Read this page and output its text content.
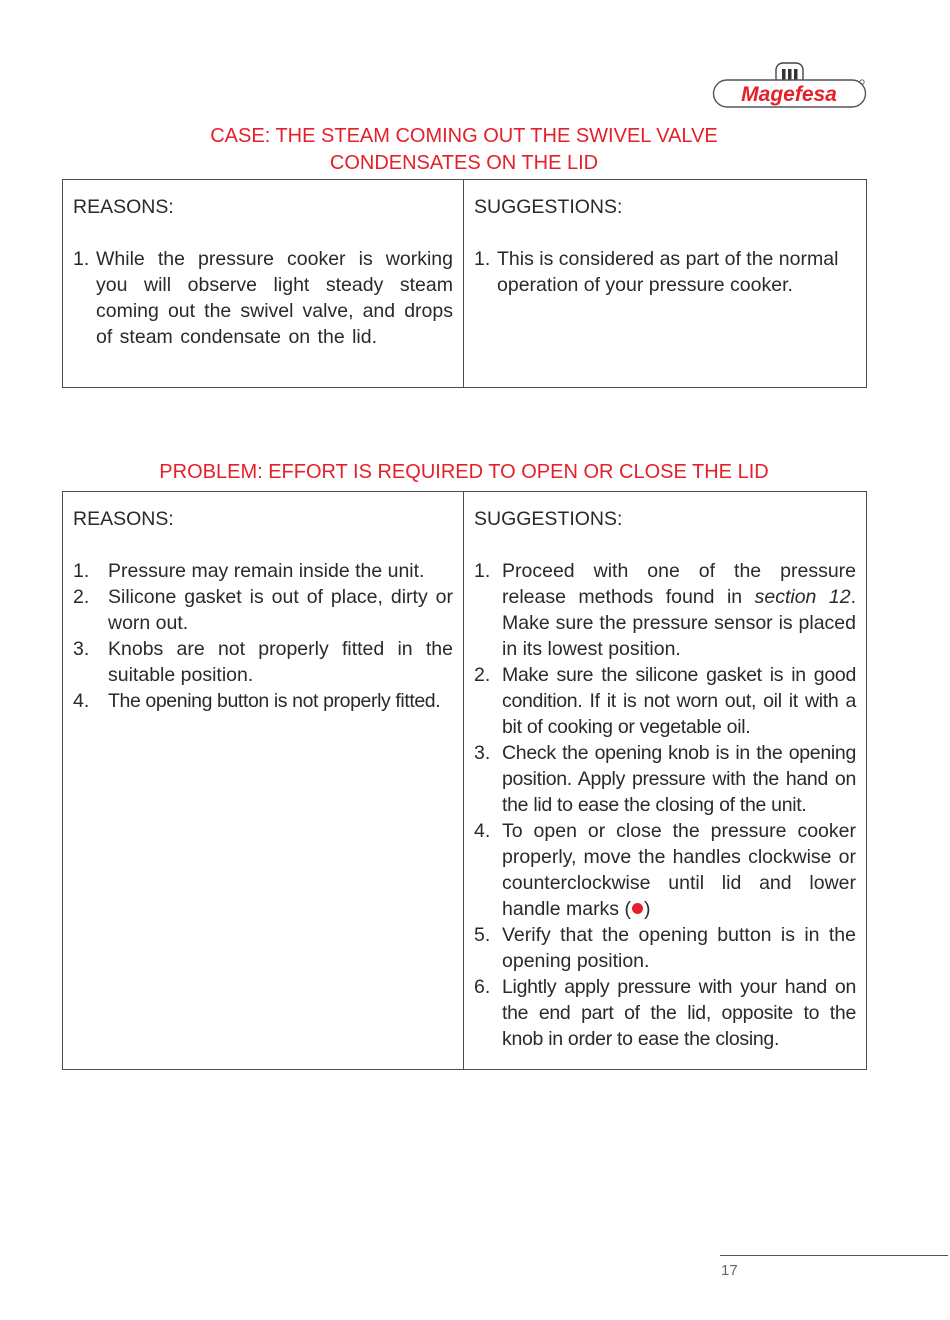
Magefesa
CASE: THE STEAM COMING OUT THE SWIVEL VALVE
CONDENSATES ON THE LID
REASONS:
1. While the pressure cooker is working you will observe light steady steam coming out the swivel valve, and drops of steam condensate on the lid.

SUGGESTIONS:
1. This is considered as part of the normal operation of your pressure cooker.
PROBLEM: EFFORT IS REQUIRED TO OPEN OR CLOSE THE LID
REASONS:
1. Pressure may remain inside the unit.
2. Silicone gasket is out of place, dirty or worn out.
3. Knobs are not properly fitted in the suitable position.
4. The opening button is not properly fitted.

SUGGESTIONS:
1. Proceed with one of the pressure release methods found in section 12. Make sure the pressure sensor is placed in its lowest position.
2. Make sure the silicone gasket is in good condition. If it is not worn out, oil it with a bit of cooking or vegetable oil.
3. Check the opening knob is in the opening position. Apply pressure with the hand on the lid to ease the closing of the unit.
4. To open or close the pressure cooker properly, move the handles clockwise or counterclockwise until lid and lower handle marks ( )
5. Verify that the opening button is in the opening position.
6. Lightly apply pressure with your hand on the end part of the lid, opposite to the knob in order to ease the closing.
17
